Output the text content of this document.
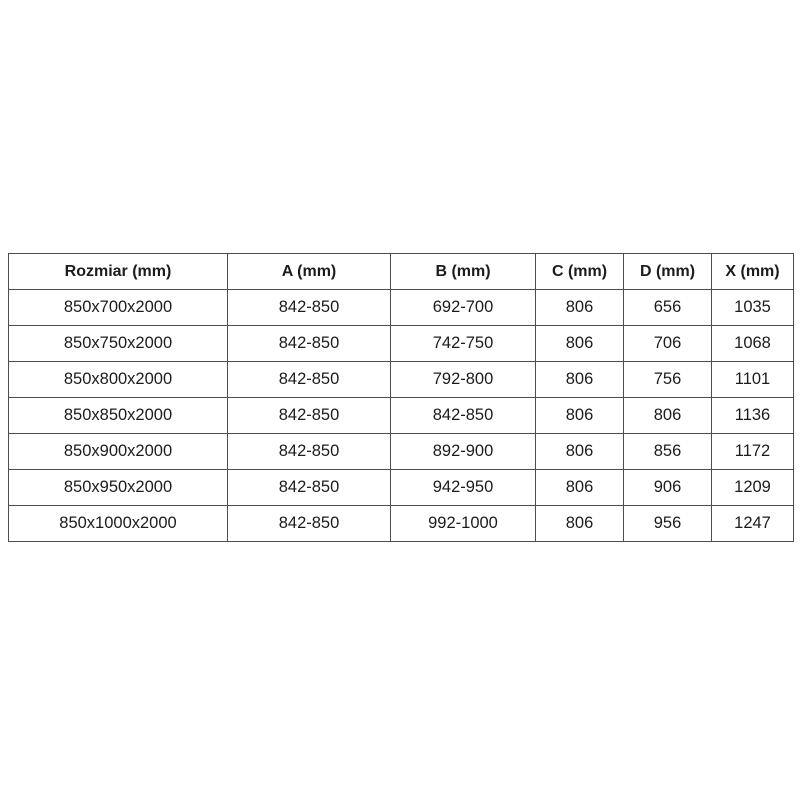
Rozmiar (mm)	A (mm)	B (mm)	C (mm)	D (mm)	X (mm)
850x700x2000	842-850	692-700	806	656	1035
850x750x2000	842-850	742-750	806	706	1068
850x800x2000	842-850	792-800	806	756	1101
850x850x2000	842-850	842-850	806	806	1136
850x900x2000	842-850	892-900	806	856	1172
850x950x2000	842-850	942-950	806	906	1209
850x1000x2000	842-850	992-1000	806	956	1247
